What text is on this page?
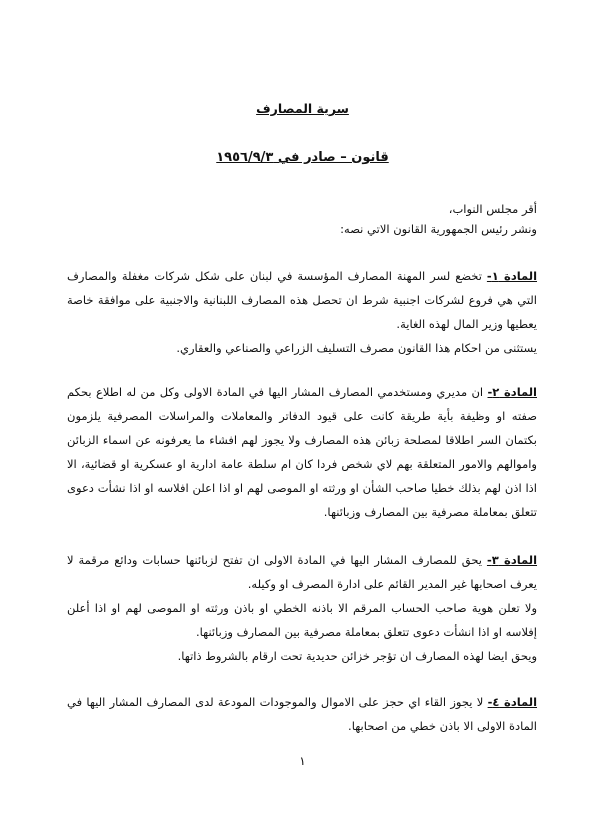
سرية المصارف
قانون – صادر في ١٩٥٦/٩/٣
أقر مجلس النواب،
ونشر رئيس الجمهورية القانون الاتي نصه:

المادة ١- تخضع لسر المهنة المصارف المؤسسة في لبنان على شكل شركات مغفلة والمصارف التي هي فروع لشركات اجنبية شرط ان تحصل هذه المصارف اللبنانية والاجنبية على موافقة خاصة يعطيها وزير المال لهذه الغاية.

يستثنى من احكام هذا القانون مصرف التسليف الزراعي والصناعي والعقاري.

المادة ٢- ان مديري ومستخدمي المصارف المشار اليها في المادة الاولى وكل من له اطلاع بحكم صفته او وظيفة بأية طريقة كانت على قيود الدفاتر والمعاملات والمراسلات المصرفية يلزمون بكتمان السر اطلاقا لمصلحة زبائن هذه المصارف ولا يجوز لهم افشاء ما يعرفونه عن اسماء الزبائن واموالهم والامور المتعلقة بهم لاي شخص فردا كان ام سلطة عامة ادارية او عسكرية او قضائية، الا اذا اذن لهم بذلك خطيا صاحب الشأن او ورثته او الموصى لهم او اذا اعلن افلاسه او اذا نشأت دعوى تتعلق بمعاملة مصرفية بين المصارف وزبائنها.

المادة ٣- يحق للمصارف المشار اليها في المادة الاولى ان تفتح لزبائنها حسابات ودائع مرقمة لا يعرف اصحابها غير المدير القائم على ادارة المصرف او وكيله.

ولا تعلن هوية صاحب الحساب المرقم الا باذنه الخطي او باذن ورثته او الموصى لهم او اذا أعلن إفلاسه او اذا انشأت دعوى تتعلق بمعاملة مصرفية بين المصارف وزبائنها.

ويحق ايضا لهذه المصارف ان تؤجر خزائن حديدية تحت ارقام بالشروط ذاتها.

المادة ٤- لا يجوز القاء اي حجز على الاموال والموجودات المودعة لدى المصارف المشار اليها في المادة الاولى الا باذن خطي من اصحابها.

١
